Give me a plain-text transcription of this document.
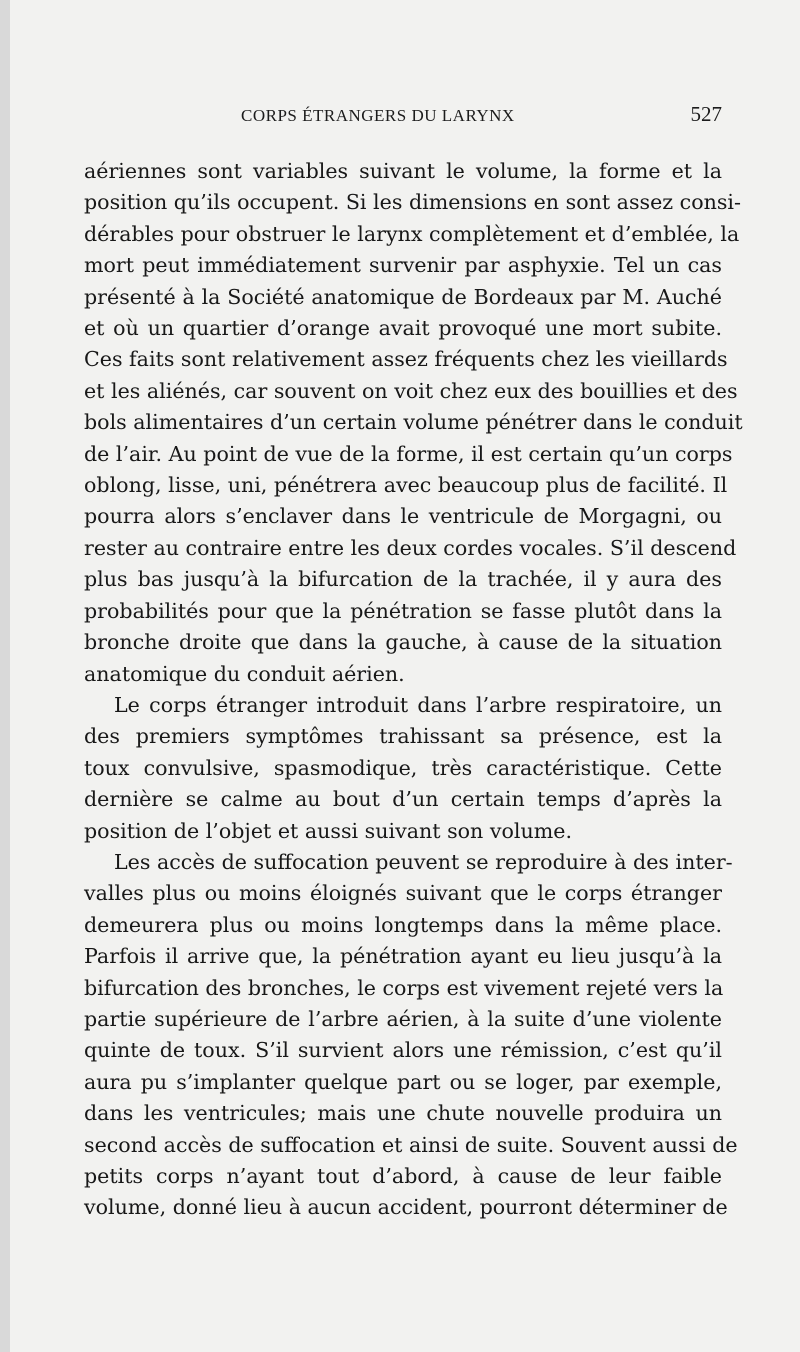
CORPS ÉTRANGERS DU LARYNX	527
aériennes sont variables suivant le volume, la forme et la
position qu’ils occupent. Si les dimensions en sont assez consi-
dérables pour obstruer le larynx complètement et d’emblée, la
mort peut immédiatement survenir par asphyxie. Tel un cas
présenté à la Société anatomique de Bordeaux par M. Auché
et où un quartier d’orange avait provoqué une mort subite.
Ces faits sont relativement assez fréquents chez les vieillards
et les aliénés, car souvent on voit chez eux des bouillies et des
bols alimentaires d’un certain volume pénétrer dans le conduit
de l’air. Au point de vue de la forme, il est certain qu’un corps
oblong, lisse, uni, pénétrera avec beaucoup plus de facilité. Il
pourra alors s’enclaver dans le ventricule de Morgagni, ou
rester au contraire entre les deux cordes vocales. S’il descend
plus bas jusqu’à la bifurcation de la trachée, il y aura des
probabilités pour que la pénétration se fasse plutôt dans la
bronche droite que dans la gauche, à cause de la situation
anatomique du conduit aérien.
Le corps étranger introduit dans l’arbre respiratoire, un
des premiers symptômes trahissant sa présence, est la
toux convulsive, spasmodique, très caractéristique. Cette
dernière se calme au bout d’un certain temps d’après la
position de l’objet et aussi suivant son volume.
Les accès de suffocation peuvent se reproduire à des inter-
valles plus ou moins éloignés suivant que le corps étranger
demeurera plus ou moins longtemps dans la même place.
Parfois il arrive que, la pénétration ayant eu lieu jusqu’à la
bifurcation des bronches, le corps est vivement rejeté vers la
partie supérieure de l’arbre aérien, à la suite d’une violente
quinte de toux. S’il survient alors une rémission, c’est qu’il
aura pu s’implanter quelque part ou se loger, par exemple,
dans les ventricules; mais une chute nouvelle produira un
second accès de suffocation et ainsi de suite. Souvent aussi de
petits corps n’ayant tout d’abord, à cause de leur faible
volume, donné lieu à aucun accident, pourront déterminer de
